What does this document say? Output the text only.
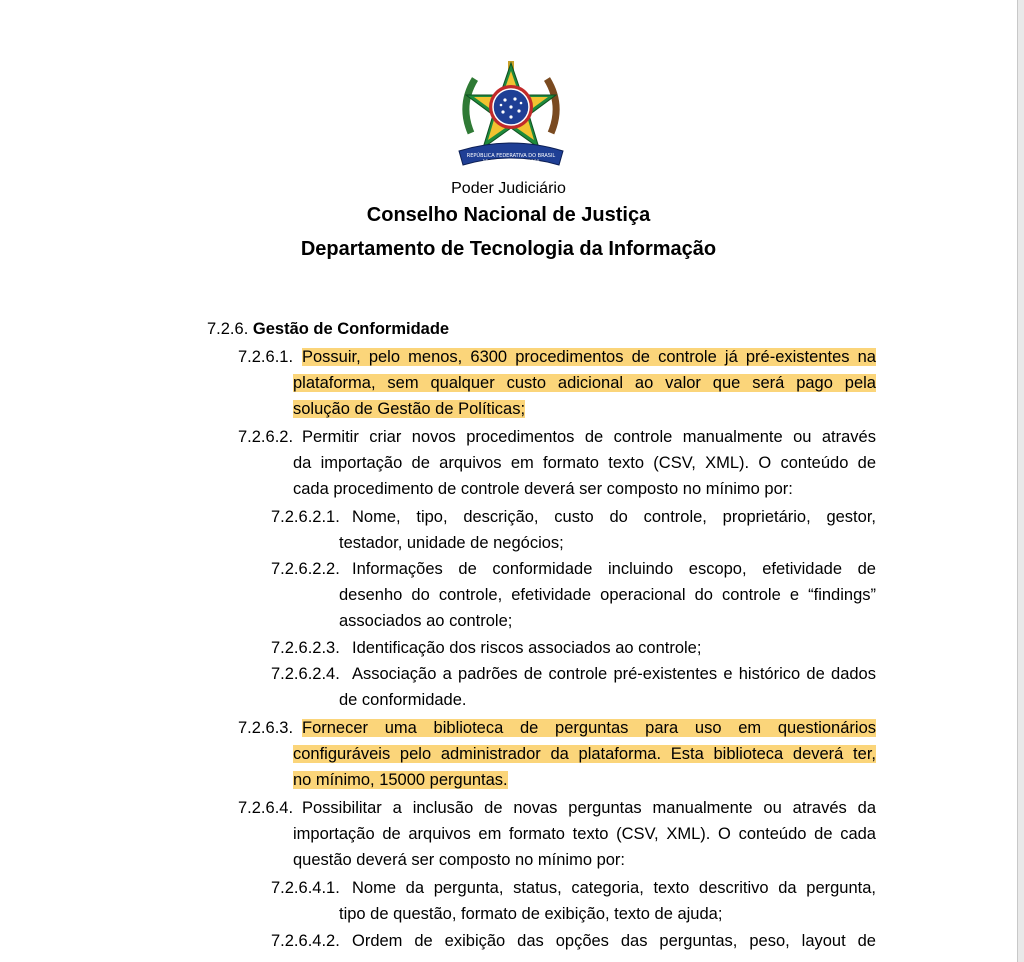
REPÚBLICA FEDERATIVA DO BRASIL
15 de novembro de 1889
Poder Judiciário
Conselho Nacional de Justiça
Departamento de Tecnologia da Informação
7.2.6. Gestão de Conformidade
7.2.6.1. Possuir, pelo menos, 6300 procedimentos de controle já pré-existentes na
plataforma, sem qualquer custo adicional ao valor que será pago pela
solução de Gestão de Políticas;
7.2.6.2. Permitir criar novos procedimentos de controle manualmente ou através
da importação de arquivos em formato texto (CSV, XML). O conteúdo de
cada procedimento de controle deverá ser composto no mínimo por:
7.2.6.2.1. Nome, tipo, descrição, custo do controle, proprietário, gestor,
testador, unidade de negócios;
7.2.6.2.2. Informações de conformidade incluindo escopo, efetividade de
desenho do controle, efetividade operacional do controle e “findings”
associados ao controle;
7.2.6.2.3. Identificação dos riscos associados ao controle;
7.2.6.2.4. Associação a padrões de controle pré-existentes e histórico de dados
de conformidade.
7.2.6.3. Fornecer uma biblioteca de perguntas para uso em questionários
configuráveis pelo administrador da plataforma. Esta biblioteca deverá ter,
no mínimo, 15000 perguntas.
7.2.6.4. Possibilitar a inclusão de novas perguntas manualmente ou através da
importação de arquivos em formato texto (CSV, XML). O conteúdo de cada
questão deverá ser composto no mínimo por:
7.2.6.4.1. Nome da pergunta, status, categoria, texto descritivo da pergunta,
tipo de questão, formato de exibição, texto de ajuda;
7.2.6.4.2. Ordem de exibição das opções das perguntas, peso, layout de
